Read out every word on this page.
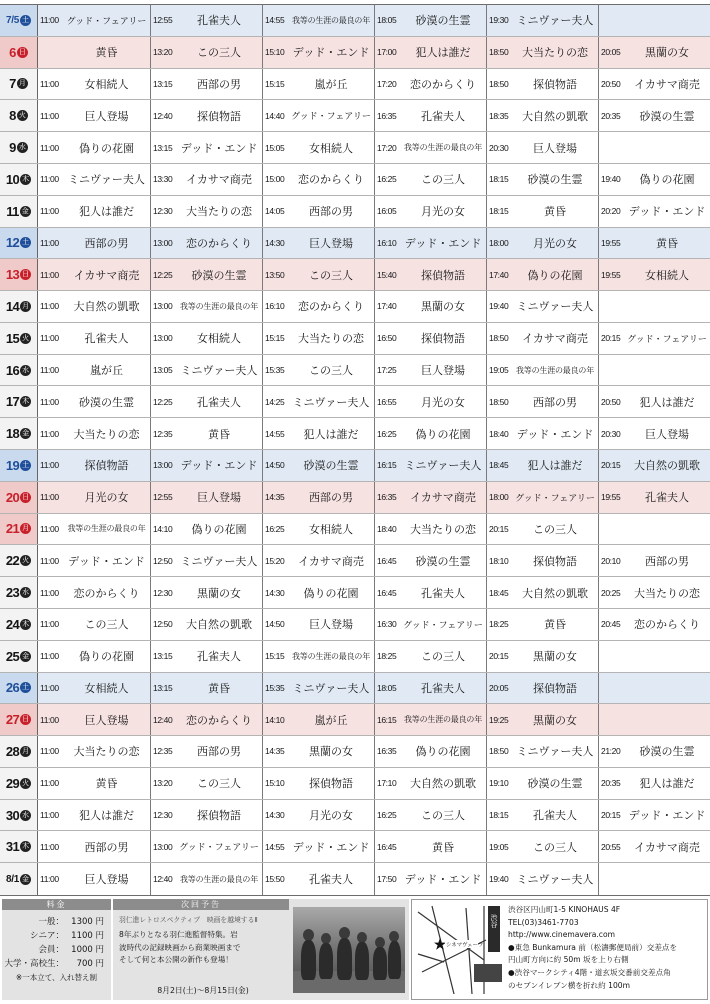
7/5 土 11:00 グッド・フェアリー 12:55	孔雀夫人	14:55 我等の生涯の最良の年 18:05	砂漠の生霊	19:30 ミニヴァー夫人
6 日	黄昏	13:20	この三人	15:10 デッド・エンド 17:00	犯人は誰だ	18:50	大当たりの恋	20:05	黒蘭の女
7 月 11:00	女相続人	13:15	西部の男	15:15	嵐が丘	17:20	恋のからくり	18:50	探偵物語	20:50	イカサマ商売
8 火 11:00	巨人登場	12:40	探偵物語	14:40 グッド・フェアリー 16:35	孔雀夫人	18:35	大自然の凱歌	20:35	砂漠の生霊
9 水 11:00	偽りの花園	13:15 デッド・エンド 15:05	女相続人	17:20 我等の生涯の最良の年 20:30	巨人登場
10 木 11:00 ミニヴァー夫人 13:30	イカサマ商売	15:00	恋のからくり	16:25	この三人	18:15	砂漠の生霊	19:40	偽りの花園
11 金 11:00	犯人は誰だ	12:30	大当たりの恋	14:05	西部の男	16:05	月光の女	18:15	黄昏	20:20 デッド・エンド
12 土 11:00	西部の男	13:00	恋のからくり	14:30	巨人登場	16:10 デッド・エンド 18:00	月光の女	19:55	黄昏
13 日 11:00	イカサマ商売	12:25	砂漠の生霊	13:50	この三人	15:40	探偵物語	17:40	偽りの花園	19:55	女相続人
14 月 11:00	大自然の凱歌	13:00 我等の生涯の最良の年 16:10	恋のからくり	17:40	黒蘭の女	19:40 ミニヴァー夫人
15 火 11:00	孔雀夫人	13:00	女相続人	15:15	大当たりの恋	16:50	探偵物語	18:50	イカサマ商売	20:15 グッド・フェアリー
16 水 11:00	嵐が丘	13:05 ミニヴァー夫人 15:35	この三人	17:25	巨人登場	19:05 我等の生涯の最良の年
17 木 11:00	砂漠の生霊	12:25	孔雀夫人	14:25 ミニヴァー夫人 16:55	月光の女	18:50	西部の男	20:50	犯人は誰だ
18 金 11:00	大当たりの恋	12:35	黄昏	14:55	犯人は誰だ	16:25	偽りの花園	18:40 デッド・エンド 20:30	巨人登場
19 土 11:00	探偵物語	13:00 デッド・エンド 14:50	砂漠の生霊	16:15 ミニヴァー夫人 18:45	犯人は誰だ	20:15	大自然の凱歌
20 日 11:00	月光の女	12:55	巨人登場	14:35	西部の男	16:35	イカサマ商売	18:00 グッド・フェアリー 19:55	孔雀夫人
21 月 11:00	我等の生涯の最良の年 14:10	偽りの花園	16:25	女相続人	18:40	大当たりの恋	20:15	この三人
22 火 11:00 デッド・エンド 12:50 ミニヴァー夫人 15:20	イカサマ商売	16:45	砂漠の生霊	18:10	探偵物語	20:10	西部の男
23 水 11:00	恋のからくり	12:30	黒蘭の女	14:30	偽りの花園	16:45	孔雀夫人	18:45	大自然の凱歌	20:25	大当たりの恋
24 木 11:00	この三人	12:50	大自然の凱歌	14:50	巨人登場	16:30 グッド・フェアリー 18:25	黄昏	20:45	恋のからくり
25 金 11:00	偽りの花園	13:15	孔雀夫人	15:15 我等の生涯の最良の年 18:25	この三人	20:15	黒蘭の女
26 土 11:00	女相続人	13:15	黄昏	15:35 ミニヴァー夫人 18:05	孔雀夫人	20:05	探偵物語
27 日 11:00	巨人登場	12:40	恋のからくり	14:10	嵐が丘	16:15 我等の生涯の最良の年 19:25	黒蘭の女
28 月 11:00	大当たりの恋	12:35	西部の男	14:35	黒蘭の女	16:35	偽りの花園	18:50 ミニヴァー夫人 21:20	砂漠の生霊
29 火 11:00	黄昏	13:20	この三人	15:10	探偵物語	17:10	大自然の凱歌	19:10	砂漠の生霊	20:35	犯人は誰だ
30 水 11:00	犯人は誰だ	12:30	探偵物語	14:30	月光の女	16:25	この三人	18:15	孔雀夫人	20:15 デッド・エンド
31 木 11:00	西部の男	13:00 グッド・フェアリー 14:55 デッド・エンド 16:45	黄昏	19:05	この三人	20:55	イカサマ商売
8/1 金 11:00	巨人登場	12:40 我等の生涯の最良の年 15:50	孔雀夫人	17:50 デッド・エンド 19:40 ミニヴァー夫人
料金
一般： 1300 円
シニア： 1100 円
会員： 1000 円
大学・高校生：	700 円
※一本立て、入れ替え制
次回予告
羽仁進レトロスペクティブ　映画を越境するⅡ
8年ぶりとなる羽仁進監督特集。岩
波時代の記録映画から商業映画まで
そして何と本公開の新作も登場！
8月2日(土)〜8月15日(金)
渋谷
シネマヴェーラ
渋谷区円山町1-5 KINOHAUS 4F
TEL(03)3461-7703
http://www.cinemavera.com
●東急 Bunkamura 前（松濤郵便局前）交差点を
円山町方向に約 50m 坂を上り右側
●渋谷マークシティ4階・道玄坂交番前交差点角
のセブンイレブン横を折れ約 100m
